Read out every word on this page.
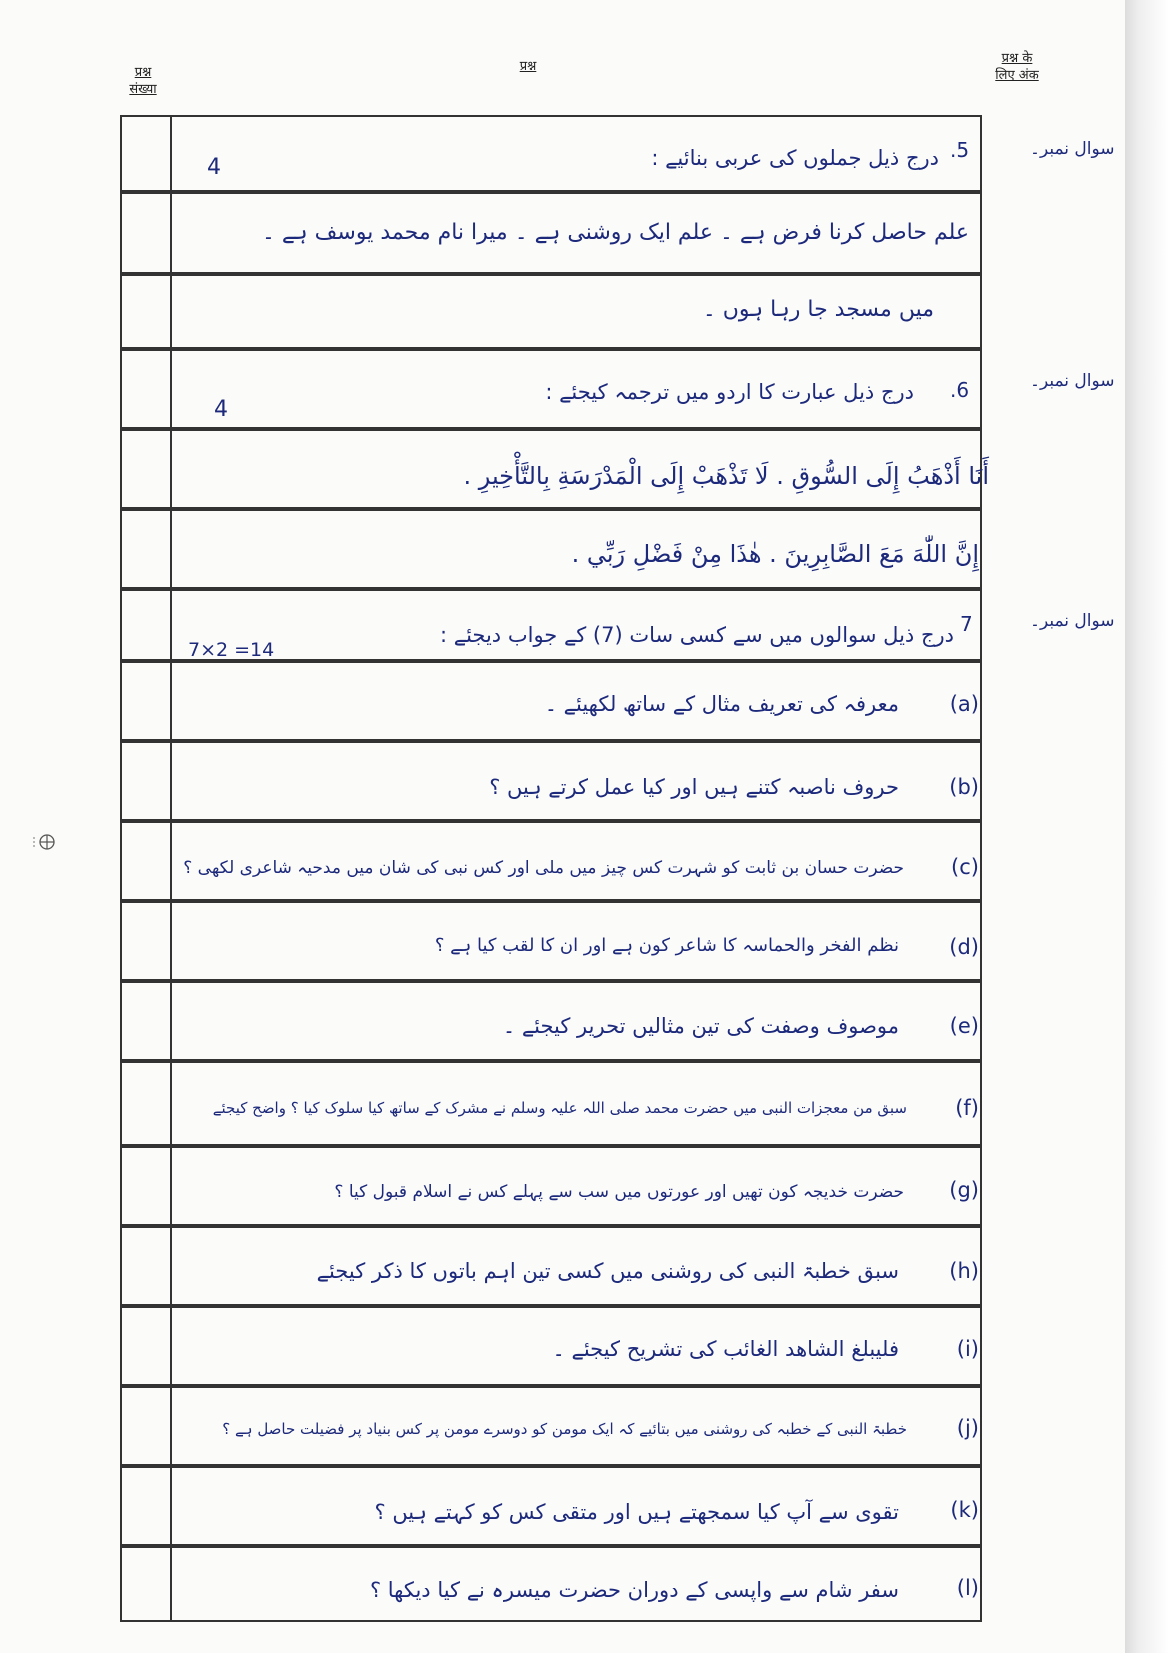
प्रश्न
संख्या
प्रश्न
प्रश्न के
लिए अंक
سوال نمبر۔
5.
درج ذیل جملوں کی عربی بنائیے :
4
علم حاصل کرنا فرض ہے ۔ علم ایک روشنی ہے ۔ میرا نام محمد یوسف ہے ۔
میں مسجد جا رہا ہوں ۔
سوال نمبر۔
6.
درج ذیل عبارت کا اردو میں ترجمہ کیجئے :
4
أَنَا أَذْهَبُ إِلَى السُّوقِ . لَا تَذْهَبْ إِلَى الْمَدْرَسَةِ بِالتَّأْخِيرِ .
إِنَّ اللّٰهَ مَعَ الصَّابِرِينَ . هٰذَا مِنْ فَضْلِ رَبِّي .
سوال نمبر۔
7
درج ذیل سوالوں میں سے کسی سات (7) کے جواب دیجئے :
7×2 =14
(a)
معرفہ کی تعریف مثال کے ساتھ لکھیئے ۔
(b)
حروف ناصبہ کتنے ہیں اور کیا عمل کرتے ہیں ؟
(c)
حضرت حسان بن ثابت کو شہرت کس چیز میں ملی اور کس نبی کی شان میں مدحیہ شاعری لکھی ؟
(d)
نظم الفخر والحماسہ کا شاعر کون ہے اور ان کا لقب کیا ہے ؟
(e)
موصوف وصفت کی تین مثالیں تحریر کیجئے ۔
(f)
سبق من معجزات النبی میں حضرت محمد صلی اللہ علیہ وسلم نے مشرک کے ساتھ کیا سلوک کیا ؟ واضح کیجئے
(g)
حضرت خدیجہ کون تھیں اور عورتوں میں سب سے پہلے کس نے اسلام قبول کیا ؟
(h)
سبق خطبۃ النبی کی روشنی میں کسی تین اہم باتوں کا ذکر کیجئے
(i)
فلیبلغ الشاهد الغائب کی تشریح کیجئے ۔
(j)
خطبۃ النبی کے خطبہ کی روشنی میں بتائیے کہ ایک مومن کو دوسرے مومن پر کس بنیاد پر فضیلت حاصل ہے ؟
(k)
تقوی سے آپ کیا سمجھتے ہیں اور متقی کس کو کہتے ہیں ؟
(l)
سفر شام سے واپسی کے دوران حضرت میسرہ نے کیا دیکھا ؟
